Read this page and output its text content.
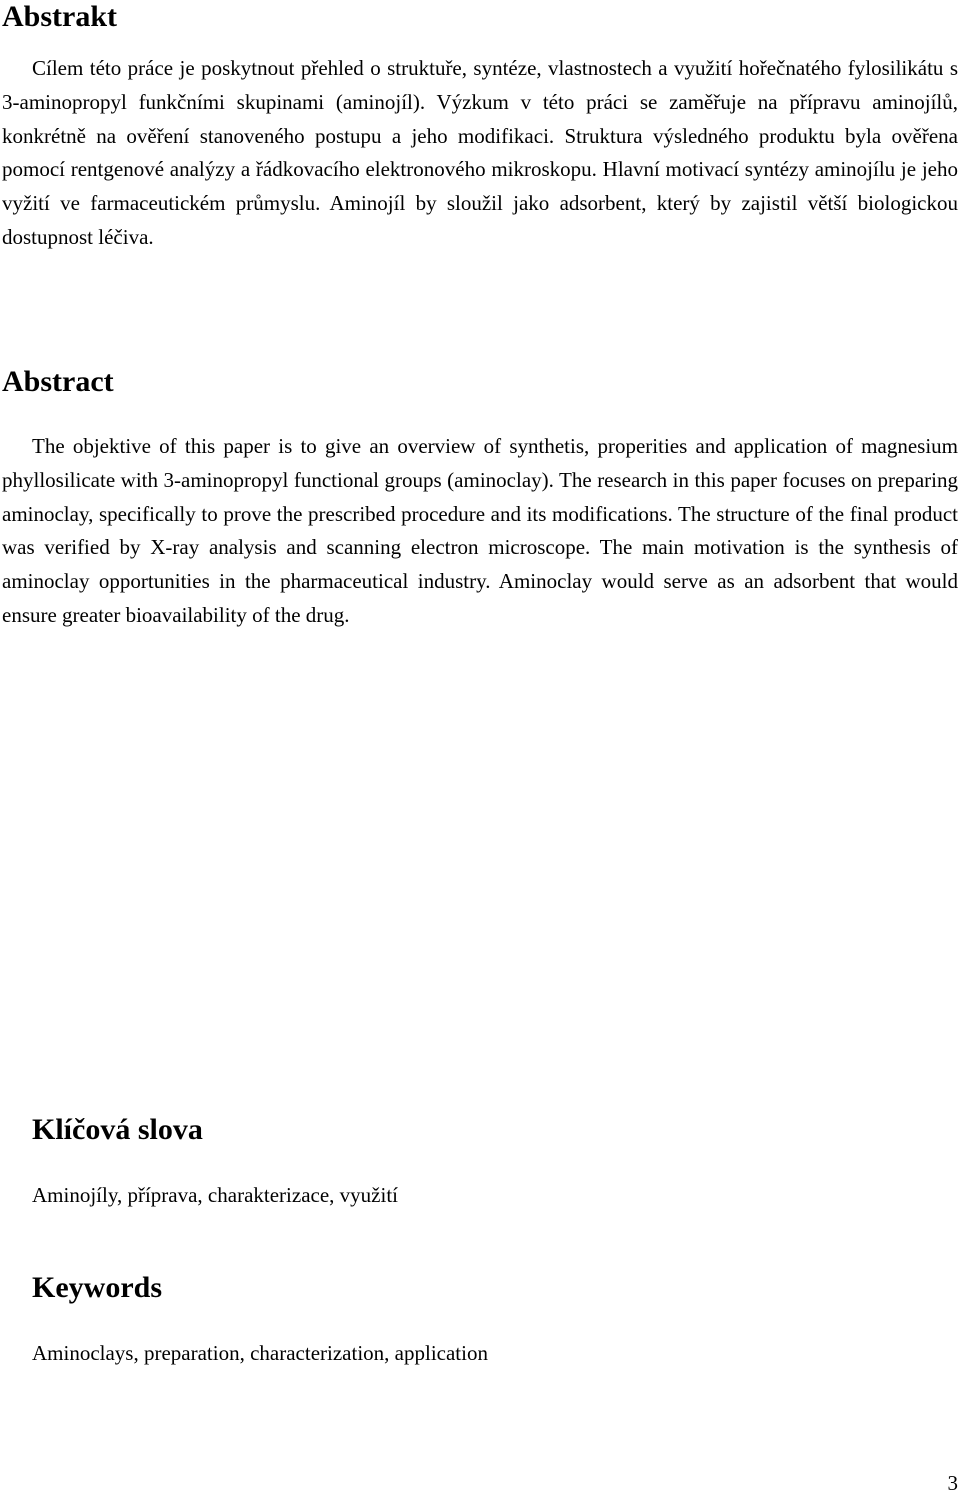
Abstrakt

Cílem této práce je poskytnout přehled o struktuře, syntéze, vlastnostech a využití hořečnatého fylosilikátu s 3-aminopropyl funkčními skupinami (aminojíl). Výzkum v této práci se zaměřuje na přípravu aminojílů, konkrétně na ověření stanoveného postupu a jeho modifikaci. Struktura výsledného produktu byla ověřena pomocí rentgenové analýzy a řádkovacího elektronového mikroskopu. Hlavní motivací syntézy aminojílu je jeho vyžití ve farmaceutickém průmyslu. Aminojíl by sloužil jako adsorbent, který by zajistil větší biologickou dostupnost léčiva.

Abstract

The objektive of this paper is to give an overview of synthetis, properities and application of magnesium phyllosilicate with 3-aminopropyl functional groups (aminoclay). The research in this paper focuses on preparing aminoclay, specifically to prove the prescribed procedure and its modifications. The structure of the final product was verified by X-ray analysis and scanning electron microscope. The main motivation is the synthesis of aminoclay opportunities in the pharmaceutical industry. Aminoclay would serve as an adsorbent that would ensure greater bioavailability of the drug.

Klíčová slova

Aminojíly, příprava, charakterizace, využití

Keywords

Aminoclays, preparation, characterization, application

3
